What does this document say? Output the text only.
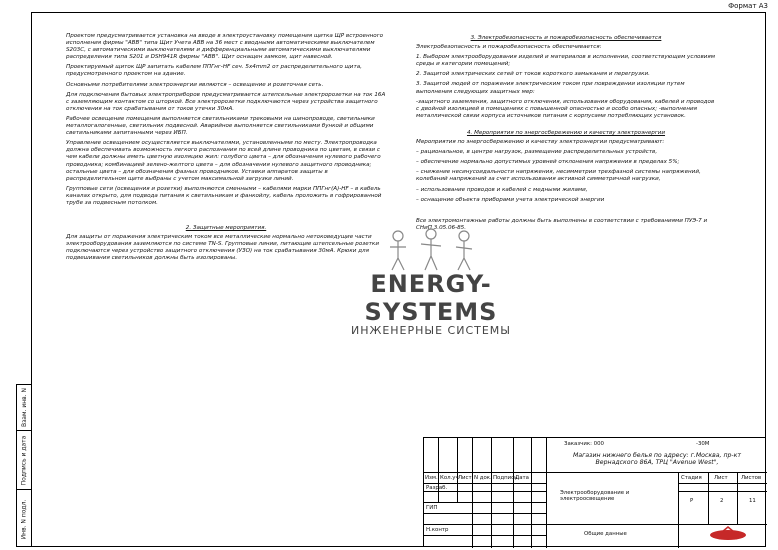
Формат А3
Взам. инв. N
Подпись и дата
Инв. N подл.

Проектом предусматривается установка на вводе в электроустановку помещения щитка ЩР встроенного исполнения фирмы "АВВ" типа Щит Учета АВВ на 36 мест с вводными автоматическими выключателем S203C, с автоматическими выключателями и дифференциальными автоматическими выключателями распределения типа S201 и DSH941R фирмы "АВВ". Щит оснащен замком, щит навесной.

Проектируемый щиток ЩР запитать кабелем ППГнг-НF сеч. 5х4mm2 от распределительного щита, предусмотренного проектом на здание.

Основными потребителями электроэнергии являются – освещение и розеточная сеть.

Для подключения бытовых электроприборов предусматривается штепсельные электророзетки на ток 16А с заземляющим контактом со шторкой. Все электророзетки подключаются через устройства защитного отключения на ток срабатывания от токов утечки 30мА.

Рабочее освещение помещения выполняется светильниками трековыми на шинопроводе, светильники металлогалогенные, светильник подвесной. Аварийное выполняется светильниками бункой и общими светильниками запитанными через ИБП.

Управление освещением осуществляется выключателями, установленными по месту. Электропроводка должна обеспечивать возможность легкого распознания по всей длине проводника по цветам, в связи с чем кабели должны иметь цветную изоляцию жил: голубого цвета – для обозначения нулевого рабочего проводника; комбинацией зелено-желтого цвета – для обозначения нулевого защитного проводника; остальные цвета – для обозначения фазных проводников. Уставки аппаратов защиты в распределительном щите выбраны с учетом максимальной загрузки линий.

Групповые сети (освещения и розетки) выполняются сменными – кабелями марки ППГнг(А)-HF – в кабель каналах открыто, для подвода питания к светильникам и фанкойлу, кабель проложить в гофрированной трубе за подвесным потолком.

2. Защитные мероприятия.

Для защиты от поражения электрическим током все металлические нормально нетоковедущие части электрооборудования заземляются по системе TN-S. Групповые линии, питающие штепсельные розетки подключаются через устройство защитного отключения (УЗО) на ток срабатывания 30мА. Крюки для подвешивания светильников должны быть изолированы.

3. Электробезопасность и пожаробезопасность обеспечивается

Электробезопасность и пожаробезопасность обеспечивается:

1. Выбором электрооборудования изделий и материалов в исполнении, соответствующем условиям среды и категории помещений;

2. Защитой электрических сетей от токов короткого замыкания и перегрузки.

3. Защитой людей от поражения электрическим током при повреждении изоляции путем выполнения следующих защитных мер:

-защитного заземления, защитного отключения, использования оборудования, кабелей и проводов с двойной изоляцией в помещениях с повышенной опасностью и особо опасных; -выполнения металлической связи корпуса источников питания с корпусами потребляющих установок.

4. Мероприятия по энергосбережению и качеству электроэнергии

Мероприятия по энергосбережению и качеству электроэнергии предусматривают:

– рациональное, в центре нагрузок, размещение распределительных устройств,

– обеспечение нормально допустимых уровней отклонения напряжения в пределах 5%;

– снижение несинусоидальности напряжения, несимметрии трехфазной системы напряжений, колебаний напряжений за счет использования активной симметричной нагрузки,

– использование проводов и кабелей с медными жилами,

– оснащение объекта приборами учета электрической энергии

Все электромонтажные работы должны быть выполнены в соответствии с требованиями ПУЭ-7 и СНиП 3.05.06-85.

ENERGY-SYSTEMS
ИНЖЕНЕРНЫЕ СИСТЕМЫ
Заказчик: 000	-30М
Магазин нижнего белья по адресу: г.Москва, пр-кт Вернадского 86А, ТРЦ "Avenue West",
Изм. Кол.уч Лист N док. Подпись
Дата
Разраб.
ГИП
Н.контр
Электрооборудование и электроосвещение
Общие данные
Стадия Лист Листов
Р	2	11
